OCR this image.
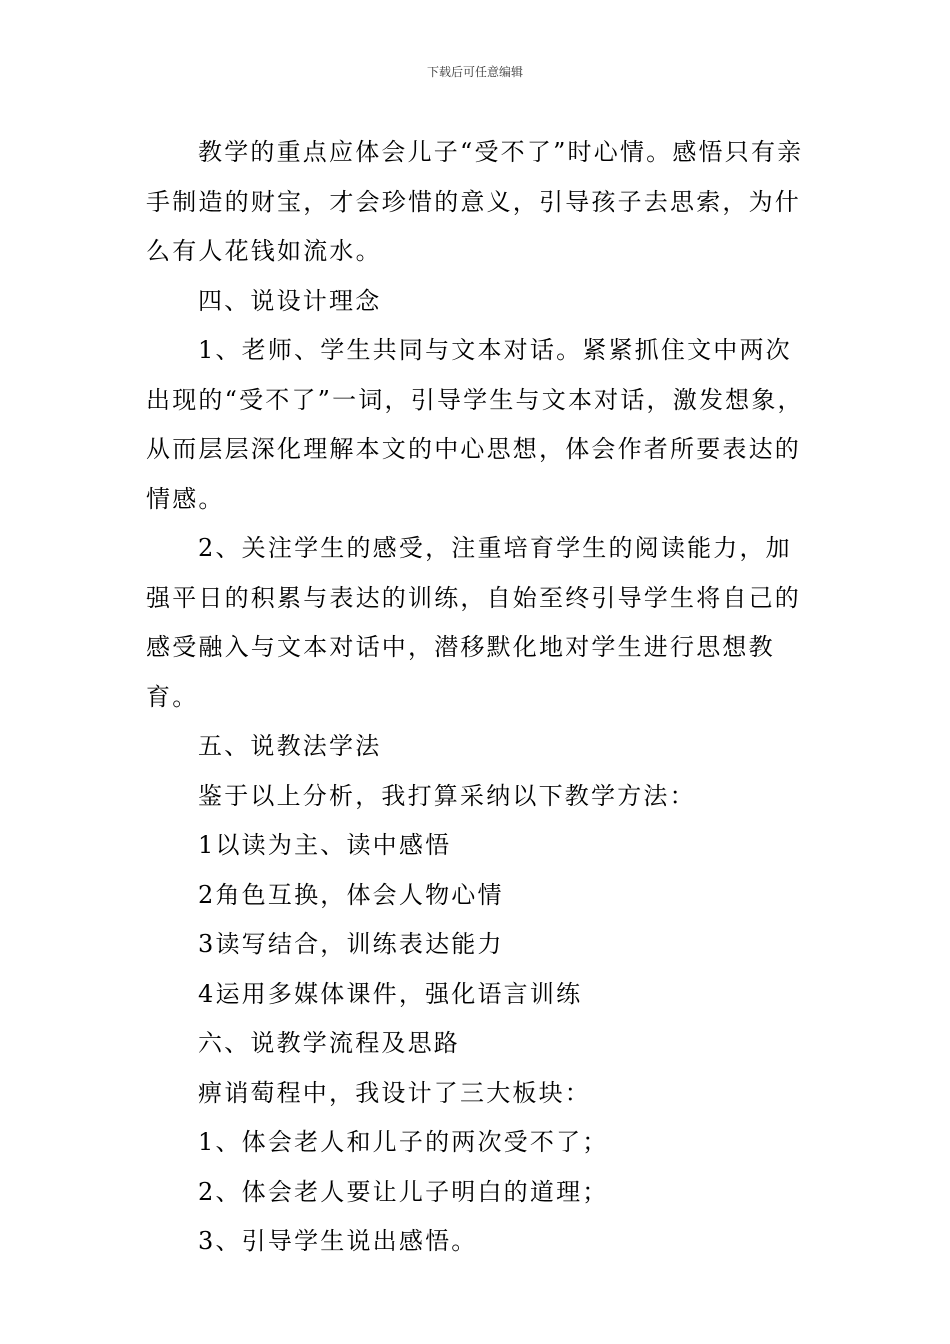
下载后可任意编辑

教学的重点应体会儿子“受不了”时心情。感悟只有亲手制造的财宝，才会珍惜的意义，引导孩子去思索，为什么有人花钱如流水。

四、说设计理念

1、老师、学生共同与文本对话。紧紧抓住文中两次出现的“受不了”一词，引导学生与文本对话，激发想象，从而层层深化理解本文的中心思想，体会作者所要表达的情感。

2、关注学生的感受，注重培育学生的阅读能力，加强平日的积累与表达的训练，自始至终引导学生将自己的感受融入与文本对话中，潜移默化地对学生进行思想教育。

五、说教法学法

鉴于以上分析，我打算采纳以下教学方法：

1以读为主、读中感悟

2角色互换，体会人物心情

3读写结合，训练表达能力

4运用多媒体课件，强化语言训练

六、说教学流程及思路

痹诮萄程中，我设计了三大板块：

1、体会老人和儿子的两次受不了；

2、体会老人要让儿子明白的道理；

3、引导学生说出感悟。
